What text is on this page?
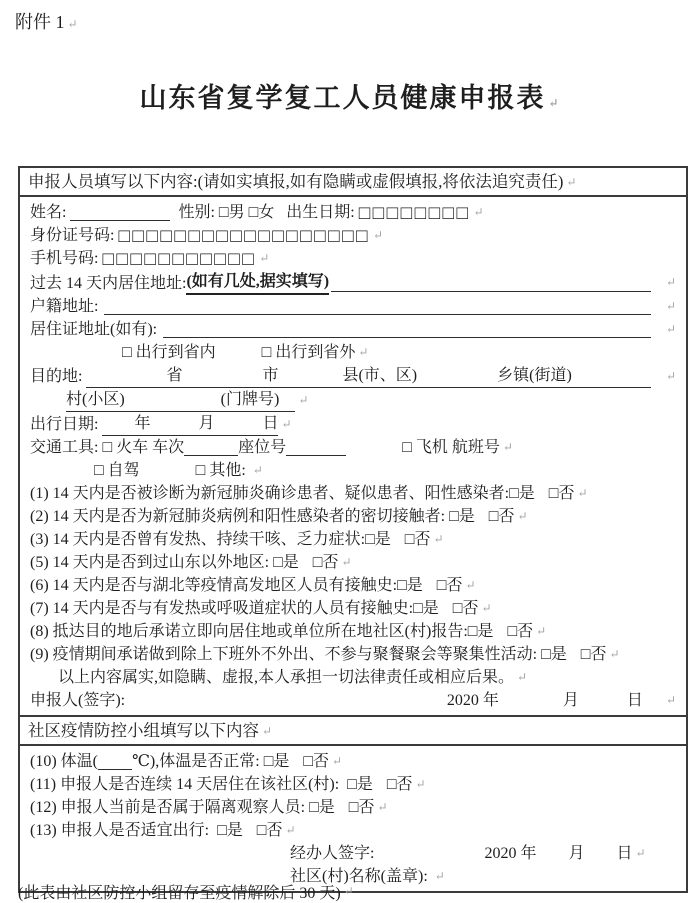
附件 1 ↵
山东省复学复工人员健康申报表 ↵
申报人员填写以下内容:(请如实填报,如有隐瞒或虚假填报,将依法追究责任) ↵
姓名:	性别: □男 □女 出生日期: □□□□□□□□ ↵
身份证号码: □□□□□□□□□□□□□□□□□□ ↵
手机号码: □□□□□□□□□□□ ↵
过去 14 天内居住地址: (如有几处,据实填写)	↵
户籍地址:	↵
居住证地址(如有):	↵
□ 出行到省内	□ 出行到省外 ↵
目的地: 　　　　　省　　　　　市　　　　县(市、区)　　　　　乡镇(街道)	↵
村(小区)　　　　　　(门牌号)　 ↵
出行日期: 　　年　　　月　　　日 ↵
交通工具: □ 火车 车次	座位号	□ 飞机 航班号 ↵
□ 自驾	□ 其他: ↵
(1) 14 天内是否被诊断为新冠肺炎确诊患者、疑似患者、阳性感染者: □是 □否 ↵
(2) 14 天内是否为新冠肺炎病例和阳性感染者的密切接触者: □是 □否 ↵
(3) 14 天内是否曾有发热、持续干咳、乏力症状: □是 □否 ↵
(5) 14 天内是否到过山东以外地区: □是 □否 ↵
(6) 14 天内是否与湖北等疫情高发地区人员有接触史: □是 □否 ↵
(7) 14 天内是否与有发热或呼吸道症状的人员有接触史: □是 □否 ↵
(8) 抵达目的地后承诺立即向居住地或单位所在地社区(村)报告: □是 □否 ↵
(9) 疫情期间承诺做到除上下班外不外出、不参与聚餐聚会等聚集性活动: □是 □否 ↵
以上内容属实,如隐瞒、虚报,本人承担一切法律责任或相应后果。 ↵
申报人(签字):	2020 年　　　　月　　　日 ↵
社区疫情防控小组填写以下内容 ↵
(10) 体温( ℃),体温是否正常: □是 □否 ↵
(11) 申报人是否连续 14 天居住在该社区(村): □是 □否 ↵
(12) 申报人当前是否属于隔离观察人员: □是 □否 ↵
(13) 申报人是否适宜出行: □是 □否 ↵
经办人签字:	2020 年　　月　　日 ↵
社区(村)名称(盖章): ↵
(此表由社区防控小组留存至疫情解除后 30 天) ↵
